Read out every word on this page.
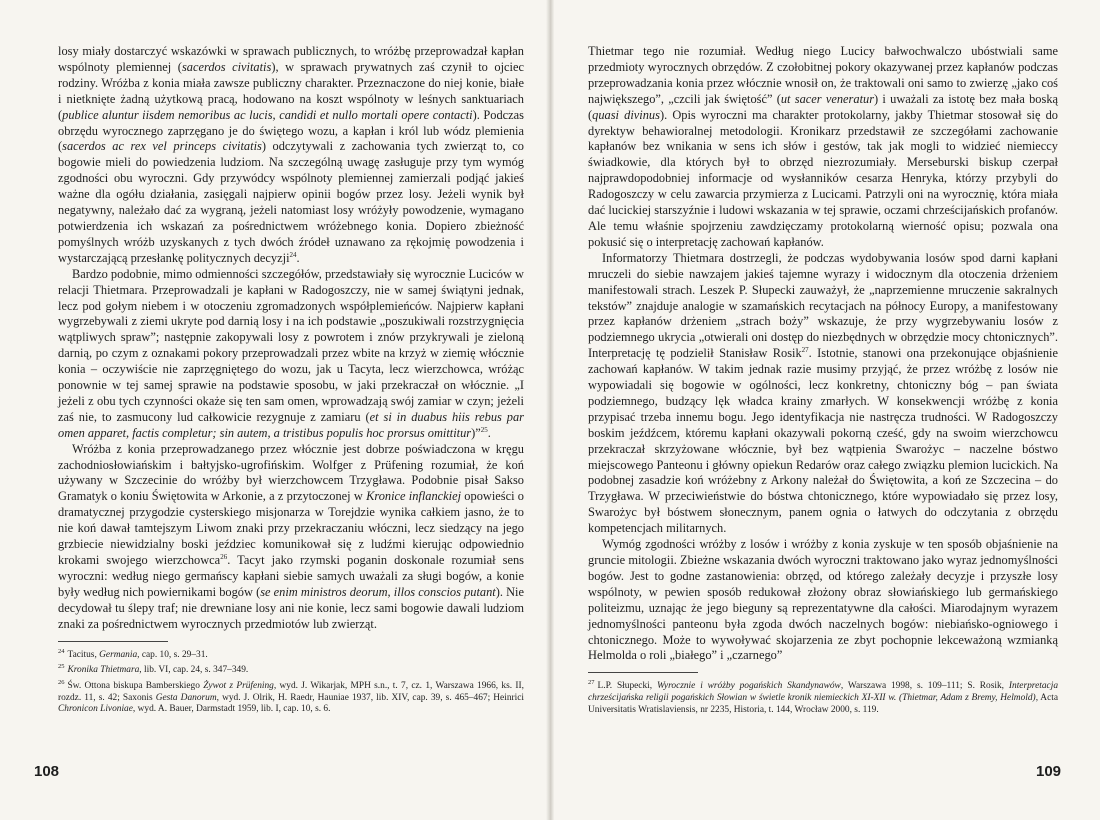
losy miały dostarczyć wskazówki w sprawach publicznych, to wróżbę przeprowadzał kapłan wspólnoty plemiennej (sacerdos civitatis), w sprawach prywatnych zaś czynił to ojciec rodziny. Wróżba z konia miała zawsze publiczny charakter. Przeznaczone do niej konie, białe i nietknięte żadną użytkową pracą, hodowano na koszt wspólnoty w leśnych sanktuariach (publice aluntur iisdem nemoribus ac lucis, candidi et nullo mortali opere contacti). Podczas obrzędu wyrocznego zaprzęgano je do świętego wozu, a kapłan i król lub wódz plemienia (sacerdos ac rex vel princeps civitatis) odczytywali z zachowania tych zwierząt to, co bogowie mieli do powiedzenia ludziom. Na szczególną uwagę zasługuje przy tym wymóg zgodności obu wyroczni. Gdy przywódcy wspólnoty plemiennej zamierzali podjąć jakieś ważne dla ogółu działania, zasięgali najpierw opinii bogów przez losy. Jeżeli wynik był negatywny, należało dać za wygraną, jeżeli natomiast losy wróżyły powodzenie, wymagano potwierdzenia ich wskazań za pośrednictwem wróżebnego konia. Dopiero zbieżność pomyślnych wróżb uzyskanych z tych dwóch źródeł uznawano za rękojmię powodzenia i wystarczającą przesłankę politycznych decyzji$^{24}$.

Bardzo podobnie, mimo odmienności szczegółów, przedstawiały się wyrocznie Luciców w relacji Thietmara. Przeprowadzali je kapłani w Radogoszczy, nie w samej świątyni jednak, lecz pod gołym niebem i w otoczeniu zgromadzonych współplemieńców. Najpierw kapłani wygrzebywali z ziemi ukryte pod darnią losy i na ich podstawie „poszukiwali rozstrzygnięcia wątpliwych spraw”; następnie zakopywali losy z powrotem i znów przykrywali je zieloną darnią, po czym z oznakami pokory przeprowadzali przez wbite na krzyż w ziemię włócznie konia – oczywiście nie zaprzęgniętego do wozu, jak u Tacyta, lecz wierzchowca, wróżąc ponownie w tej samej sprawie na podstawie sposobu, w jaki przekraczał on włócznie. „I jeżeli z obu tych czynności okaże się ten sam omen, wprowadzają swój zamiar w czyn; jeżeli zaś nie, to zasmucony lud całkowicie rezygnuje z zamiaru (et si in duabus hiis rebus par omen apparet, factis completur; sin autem, a tristibus populis hoc prorsus omittitur)”$^{25}$.

Wróżba z konia przeprowadzanego przez włócznie jest dobrze poświadczona w kręgu zachodniosłowiańskim i bałtyjsko-ugrofińskim. Wolfger z Prüfening rozumiał, że koń używany w Szczecinie do wróżby był wierzchowcem Trzygława. Podobnie pisał Sakso Gramatyk o koniu Świętowita w Arkonie, a z przytoczonej w Kronice inflanckiej opowieści o dramatycznej przygodzie cysterskiego misjonarza w Torejdzie wynika całkiem jasno, że to nie koń dawał tamtejszym Liwom znaki przy przekraczaniu włóczni, lecz siedzący na jego grzbiecie niewidzialny boski jeździec komunikował się z ludźmi kierując odpowiednio krokami swojego wierzchowca$^{26}$. Tacyt jako rzymski poganin doskonale rozumiał sens wyroczni: według niego germańscy kapłani siebie samych uważali za sługi bogów, a konie były według nich powiernikami bogów (se enim ministros deorum, illos conscios putant). Nie decydował tu ślepy traf; nie drewniane losy ani nie konie, lecz sami bogowie dawali ludziom znaki za pośrednictwem wyrocznych przedmiotów lub zwierząt.

$^{24}$ Tacitus, Germania, cap. 10, s. 29–31.

$^{25}$ Kronika Thietmara, lib. VI, cap. 24, s. 347–349.

$^{26}$ Św. Ottona biskupa Bamberskiego Żywot z Prüfening, wyd. J. Wikarjak, MPH s.n., t. 7, cz. 1, Warszawa 1966, ks. II, rozdz. 11, s. 42; Saxonis Gesta Danorum, wyd. J. Olrik, H. Raedr, Hauniae 1937, lib. XIV, cap. 39, s. 465–467; Heinrici Chronicon Livoniae, wyd. A. Bauer, Darmstadt 1959, lib. I, cap. 10, s. 6.

108

Thietmar tego nie rozumiał. Według niego Lucicy bałwochwalczo ubóstwiali same przedmioty wyrocznych obrzędów. Z czołobitnej pokory okazywanej przez kapłanów podczas przeprowadzania konia przez włócznie wnosił on, że traktowali oni samo to zwierzę „jako coś największego”, „czcili jak świętość” (ut sacer veneratur) i uważali za istotę bez mała boską (quasi divinus). Opis wyroczni ma charakter protokolarny, jakby Thietmar stosował się do dyrektyw behawioralnej metodologii. Kronikarz przedstawił ze szczegółami zachowanie kapłanów bez wnikania w sens ich słów i gestów, tak jak mogli to widzieć niemieccy świadkowie, dla których był to obrzęd niezrozumiały. Merseburski biskup czerpał najprawdopodobniej informacje od wysłanników cesarza Henryka, którzy przybyli do Radogoszczy w celu zawarcia przymierza z Lucicami. Patrzyli oni na wyrocznię, która miała dać lucickiej starszyźnie i ludowi wskazania w tej sprawie, oczami chrześcijańskich profanów. Ale temu właśnie spojrzeniu zawdzięczamy protokolarną wierność opisu; pozwala ona pokusić się o interpretację zachowań kapłanów.

Informatorzy Thietmara dostrzegli, że podczas wydobywania losów spod darni kapłani mruczeli do siebie nawzajem jakieś tajemne wyrazy i widocznym dla otoczenia drżeniem manifestowali strach. Leszek P. Słupecki zauważył, że „naprzemienne mruczenie sakralnych tekstów” znajduje analogie w szamańskich recytacjach na północy Europy, a manifestowany przez kapłanów drżeniem „strach boży” wskazuje, że przy wygrzebywaniu losów z podziemnego ukrycia „otwierali oni dostęp do niezbędnych w obrzędzie mocy chtonicznych”. Interpretację tę podzielił Stanisław Rosik$^{27}$. Istotnie, stanowi ona przekonujące objaśnienie zachowań kapłanów. W takim jednak razie musimy przyjąć, że przez wróżbę z losów nie wypowiadali się bogowie w ogólności, lecz konkretny, chtoniczny bóg – pan świata podziemnego, budzący lęk władca krainy zmarłych. W konsekwencji wróżbę z konia przypisać trzeba innemu bogu. Jego identyfikacja nie nastręcza trudności. W Radogoszczy boskim jeźdźcem, któremu kapłani okazywali pokorną cześć, gdy na swoim wierzchowcu przekraczał skrzyżowane włócznie, był bez wątpienia Swarożyc – naczelne bóstwo miejscowego Panteonu i główny opiekun Redarów oraz całego związku plemion lucickich. Na podobnej zasadzie koń wróżebny z Arkony należał do Świętowita, a koń ze Szczecina – do Trzygława. W przeciwieństwie do bóstwa chtonicznego, które wypowiadało się przez losy, Swarożyc był bóstwem słonecznym, panem ognia o łatwych do odczytania z obrzędu kompetencjach militarnych.

Wymóg zgodności wróżby z losów i wróżby z konia zyskuje w ten sposób objaśnienie na gruncie mitologii. Zbieżne wskazania dwóch wyroczni traktowano jako wyraz jednomyślności bogów. Jest to godne zastanowienia: obrzęd, od którego zależały decyzje i przyszłe losy wspólnoty, w pewien sposób redukował złożony obraz słowiańskiego lub germańskiego politeizmu, uznając że jego bieguny są reprezentatywne dla całości. Miarodajnym wyrazem jednomyślności panteonu była zgoda dwóch naczelnych bogów: niebiańsko-ogniowego i chtonicznego. Może to wywoływać skojarzenia ze zbyt pochopnie lekceważoną wzmianką Helmolda o roli „białego” i „czarnego”

$^{27}$ L.P. Słupecki, Wyrocznie i wróżby pogańskich Skandynawów, Warszawa 1998, s. 109–111; S. Rosik, Interpretacja chrześcijańska religii pogańskich Słowian w świetle kronik niemieckich XI-XII w. (Thietmar, Adam z Bremy, Helmold), Acta Universitatis Wratislaviensis, nr 2235, Historia, t. 144, Wrocław 2000, s. 119.

109
